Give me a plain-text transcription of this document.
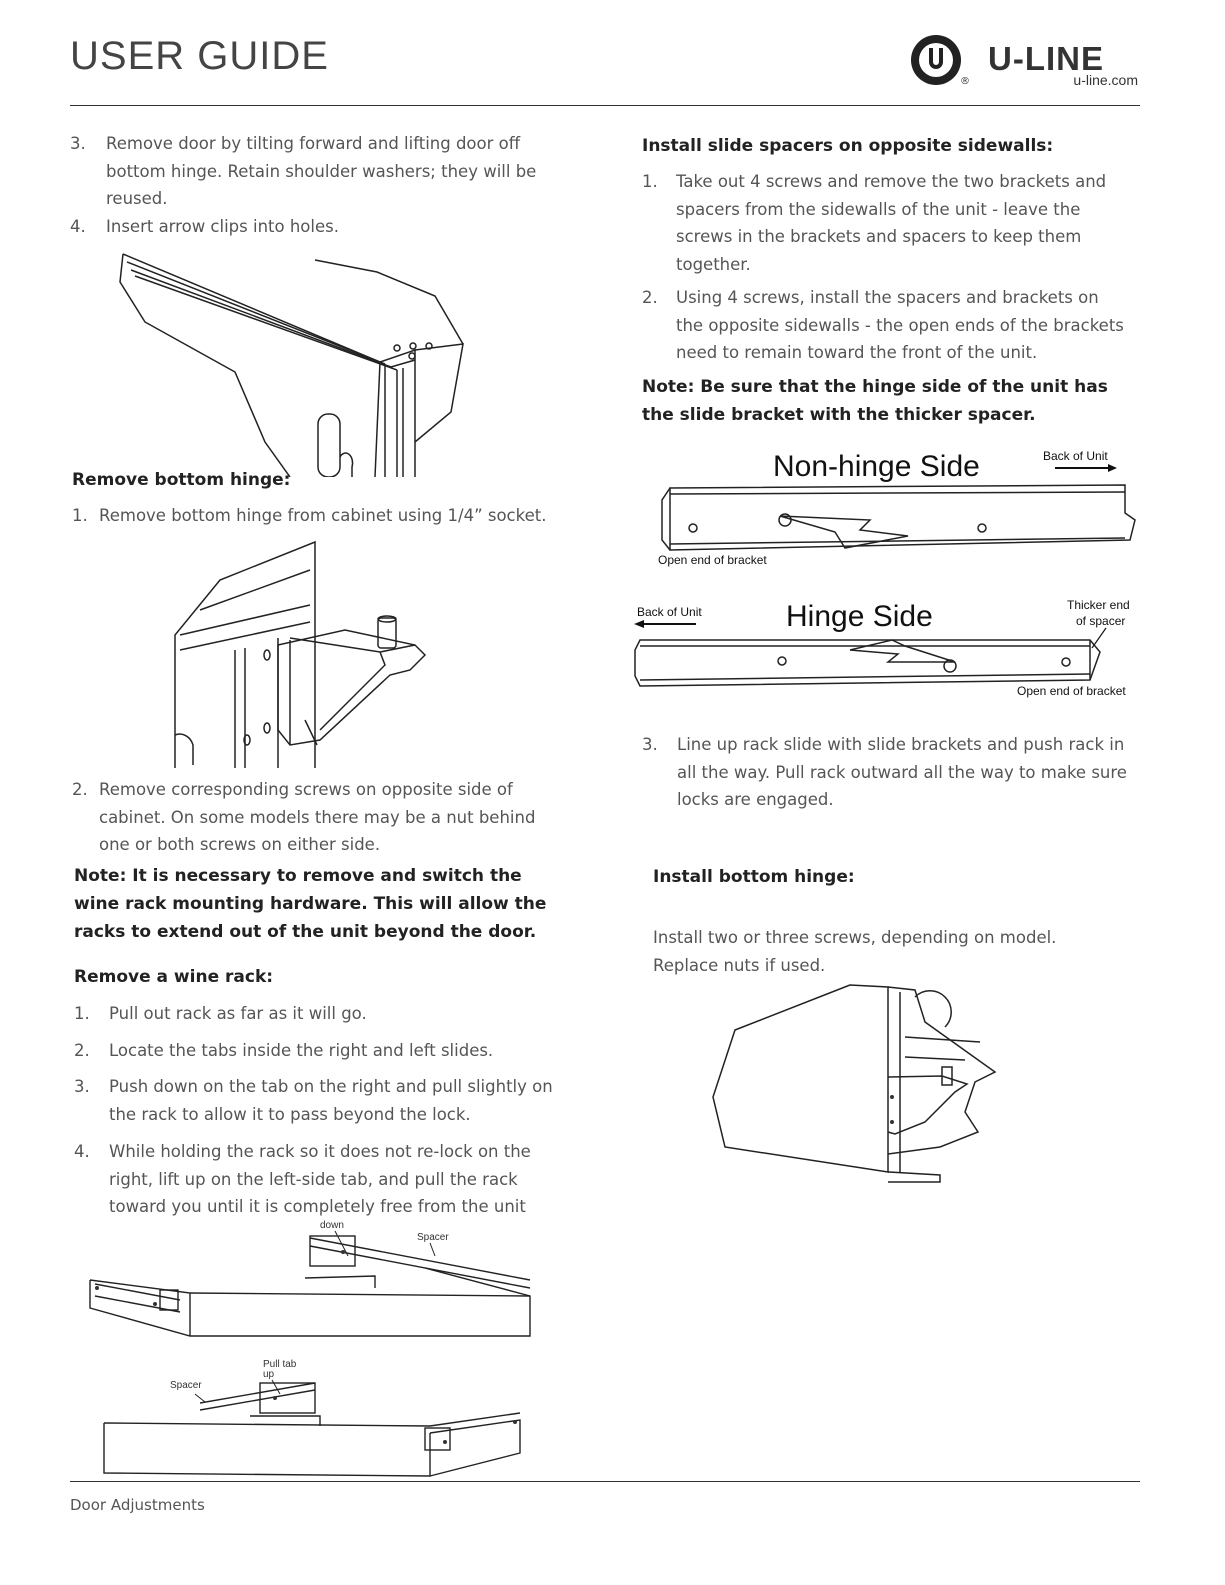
USER GUIDE
®
U-LINE
u-line.com
3. Remove door by tilting forward and lifting door off
bottom hinge. Retain shoulder washers; they will be
reused.
4. Insert arrow clips into holes.
Remove bottom hinge:
1. Remove bottom hinge from cabinet using 1/4” socket.
2. Remove corresponding screws on opposite side of
cabinet. On some models there may be a nut behind
one or both screws on either side.
Note: It is necessary to remove and switch the
wine rack mounting hardware. This will allow the
racks to extend out of the unit beyond the door.
Remove a wine rack:
1. Pull out rack as far as it will go.
2. Locate the tabs inside the right and left slides.
3. Push down on the tab on the right and pull slightly on
the rack to allow it to pass beyond the lock.
4. While holding the rack so it does not re-lock on the
right, lift up on the left-side tab, and pull the rack
toward you until it is completely free from the unit
down
Spacer
Pull tab
up
Spacer
Install slide spacers on opposite sidewalls:
1. Take out 4 screws and remove the two brackets and
spacers from the sidewalls of the unit - leave the
screws in the brackets and spacers to keep them
together.
2. Using 4 screws, install the spacers and brackets on
the opposite sidewalls - the open ends of the brackets
need to remain toward the front of the unit.
Note: Be sure that the hinge side of the unit has
the slide bracket with the thicker spacer.
Non-hinge Side	Back of Unit
Open end of bracket
Hinge Side
Back of Unit	Thicker end
of spacer
Open end of bracket
3. Line up rack slide with slide brackets and push rack in
all the way. Pull rack outward all the way to make sure
locks are engaged.
Install bottom hinge:
Install two or three screws, depending on model.
Replace nuts if used.
Door Adjustments
